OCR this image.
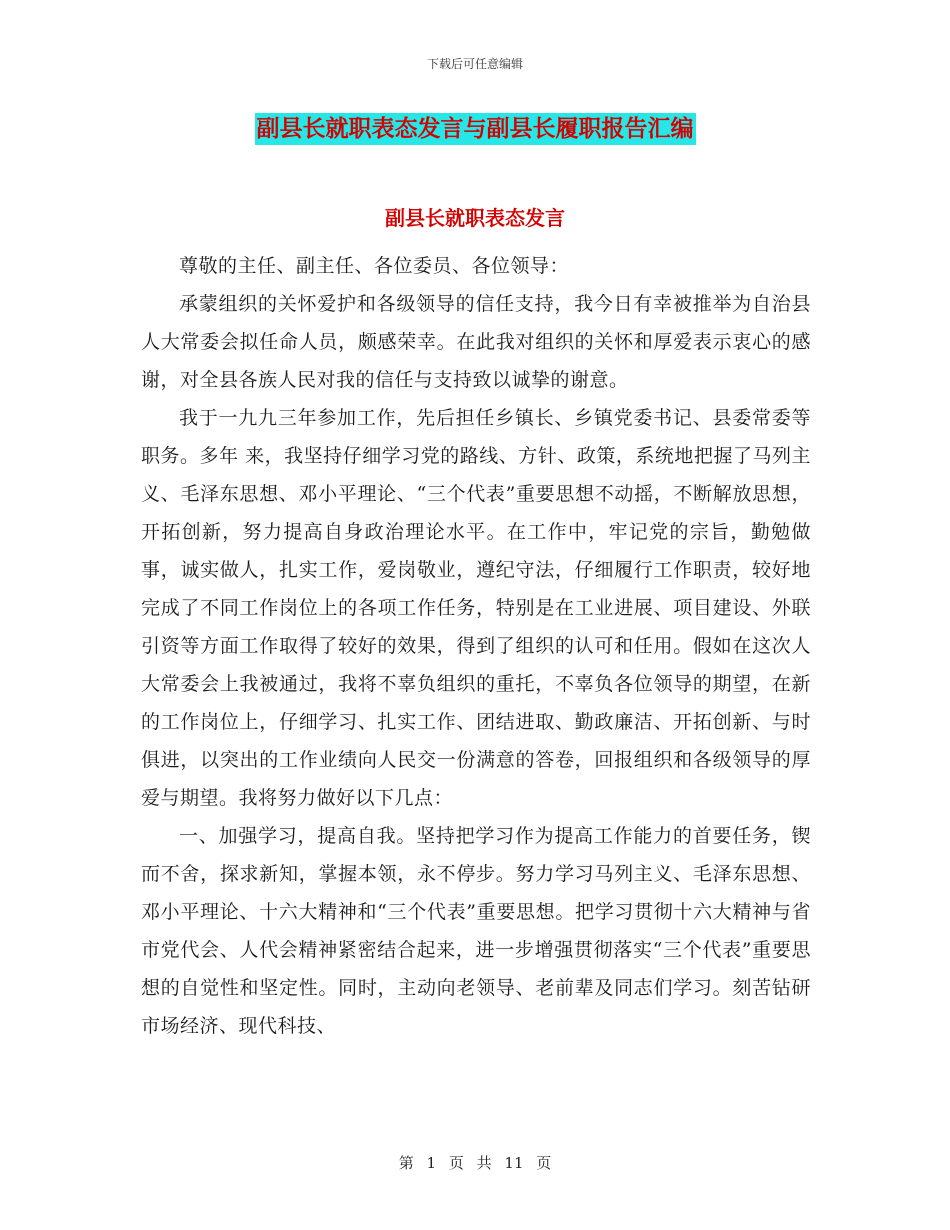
下载后可任意编辑
副县长就职表态发言与副县长履职报告汇编
副县长就职表态发言

尊敬的主任、副主任、各位委员、各位领导：

承蒙组织的关怀爱护和各级领导的信任支持，我今日有幸被推举为自治县人大常委会拟任命人员，颇感荣幸。在此我对组织的关怀和厚爱表示衷心的感谢，对全县各族人民对我的信任与支持致以诚挚的谢意。

我于一九九三年参加工作，先后担任乡镇长、乡镇党委书记、县委常委等职务。多年 来，我坚持仔细学习党的路线、方针、政策，系统地把握了马列主义、毛泽东思想、邓小平理论、“三个代表”重要思想不动摇，不断解放思想，开拓创新，努力提高自身政治理论水平。在工作中，牢记党的宗旨，勤勉做事，诚实做人，扎实工作，爱岗敬业，遵纪守法，仔细履行工作职责，较好地完成了不同工作岗位上的各项工作任务，特别是在工业进展、项目建设、外联引资等方面工作取得了较好的效果，得到了组织的认可和任用。假如在这次人大常委会上我被通过，我将不辜负组织的重托，不辜负各位领导的期望，在新的工作岗位上，仔细学习、扎实工作、团结进取、勤政廉洁、开拓创新、与时俱进，以突出的工作业绩向人民交一份满意的答卷，回报组织和各级领导的厚爱与期望。我将努力做好以下几点：

一、加强学习，提高自我。坚持把学习作为提高工作能力的首要任务，锲而不舍，探求新知，掌握本领，永不停步。努力学习马列主义、毛泽东思想、邓小平理论、十六大精神和“三个代表”重要思想。把学习贯彻十六大精神与省市党代会、人代会精神紧密结合起来，进一步增强贯彻落实“三个代表”重要思想的自觉性和坚定性。同时，主动向老领导、老前辈及同志们学习。刻苦钻研市场经济、现代科技、

第 1 页 共 11 页
